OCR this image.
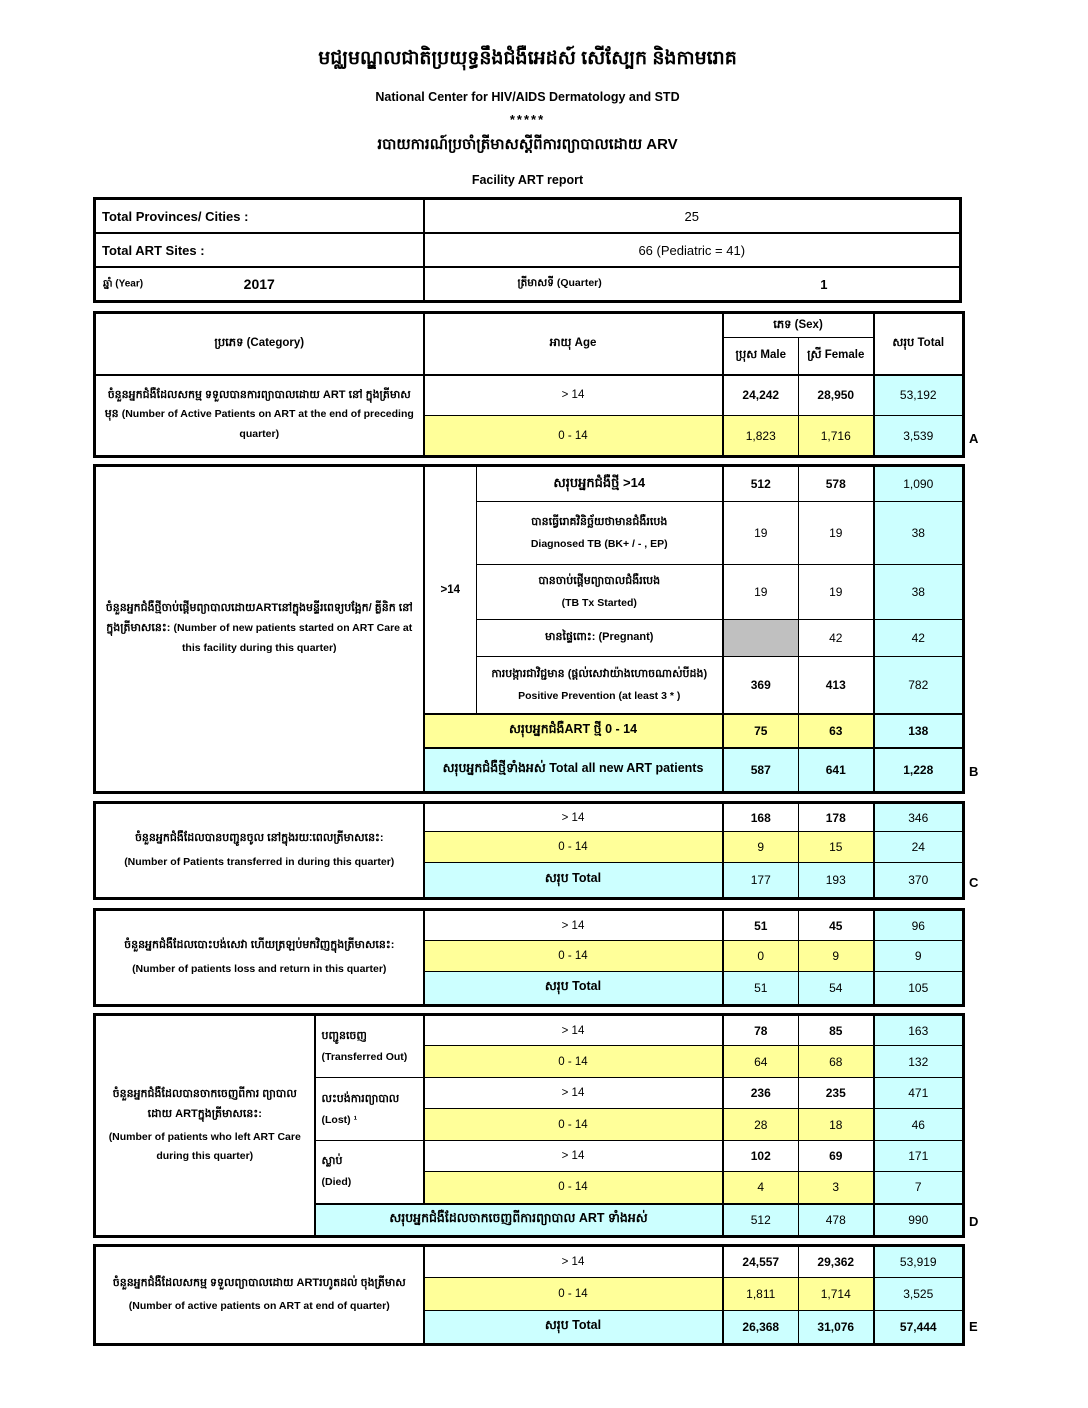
មជ្ឈមណ្ឌលជាតិប្រយុទ្ធនឹងជំងឺអេដស៍ សើស្បែក និងកាមរោគ
National Center for HIV/AIDS Dermatology and STD
*****
របាយការណ៍ប្រចាំត្រីមាសស្ដីពីការព្យាបាលដោយ ARV
Facility ART report
Total Provinces/ Cities :	25
Total ART Sites :	66 (Pediatric = 41)

ឆ្នាំ (Year) 2017	ត្រីមាសទី (Quarter) 1
ប្រភេទ (Category)	អាយុ Age	ភេទ (Sex)		សរុប Total
		ប្រុស Male	ស្រី Female	
ចំនួនអ្នកជំងឺដែលសកម្ម ទទួលបានការព្យាបាលដោយ ART នៅ ក្នុងត្រីមាសមុន (Number of Active Patients on ART at the end of preceding quarter)	> 14	24,242	28,950	53,192
	0 - 14	1,823	1,716	3,539	A
ចំនួនអ្នកជំងឺថ្មីចាប់ផ្ដើមព្យាបាលដោយARTនៅក្នុងមន្ទីរពេទ្យបង្អែក/ គ្លីនិក នៅក្នុងត្រីមាសនេះ: (Number of new patients started on ART Care at this facility during this quarter)	>14	សរុបអ្នកជំងឺថ្មី >14	512	578	1,090
		បានធ្វើរោគវិនិច្ឆ័យថាមានជំងឺរបេង
Diagnosed TB (BK+ / - , EP)	19	19	38
		បានចាប់ផ្ដើមព្យាបាលជំងឺរបេង
(TB Tx Started)	19	19	38
		មានផ្ទៃពោះ: (Pregnant)		42	42
		ការបង្ការជាវិជ្ជមាន (ផ្ដល់សេវាយ៉ាងហោចណាស់បីដង)
Positive Prevention (at least 3 * )	369	413	782
	សរុបអ្នកជំងឺART ថ្មី 0 - 14		75	63	138
	សរុបអ្នកជំងឺថ្មីទាំងអស់ Total all new ART patients		587	641	1,228	B
ចំនួនអ្នកជំងឺដែលបានបញ្ជូនចូល នៅក្នុងរយៈពេលត្រីមាសនេះ:
(Number of Patients transferred in during this quarter)	> 14	168	178	346
	0 - 14	9	15	24
	សរុប Total	177	193	370	C
ចំនួនអ្នកជំងឺដែលបោះបង់សេវា ហើយត្រឡប់មកវិញក្នុងត្រីមាសនេះ:
(Number of patients loss and return in this quarter)	> 14	51	45	96
	0 - 14	0	9	9
	សរុប Total	51	54	105
ចំនួនអ្នកជំងឺដែលបានចាកចេញពីការ ព្យាបាល ដោយ ARTក្នុងត្រីមាសនេះ:
(Number of patients who left ART Care during this quarter)	បញ្ជូនចេញ
(Transferred Out)	> 14	78	85	163
		0 - 14	64	68	132
	លះបង់ការព្យាបាល
(Lost) ¹	> 14	236	235	471
		0 - 14	28	18	46
	ស្លាប់
(Died)	> 14	102	69	171
		0 - 14	4	3	7
	សរុបអ្នកជំងឺដែលចាកចេញពីការព្យាបាល ART ទាំងអស់		512	478	990	D
ចំនួនអ្នកជំងឺដែលសកម្ម ទទួលព្យាបាលដោយ ARTរហូតដល់ ចុងត្រីមាស
(Number of active patients on ART at end of quarter)	> 14	24,557	29,362	53,919
	0 - 14	1,811	1,714	3,525
	សរុប Total	26,368	31,076	57,444 E
